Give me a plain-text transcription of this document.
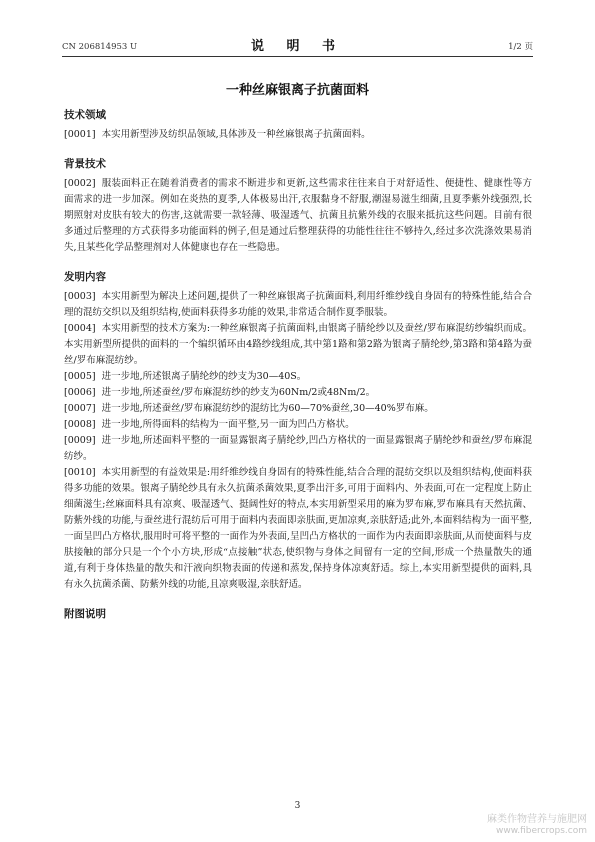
CN 206814953 U	说 明 书	1/2 页
一种丝麻银离子抗菌面料
技术领域

[0001] 本实用新型涉及纺织品领域,具体涉及一种丝麻银离子抗菌面料。

背景技术

[0002] 服装面料正在随着消费者的需求不断进步和更新,这些需求往往来自于对舒适性、便捷性、健康性等方面需求的进一步加深。例如在炎热的夏季,人体极易出汗,衣服黏身不舒服,潮湿易滋生细菌,且夏季紫外线强烈,长期照射对皮肤有较大的伤害,这就需要一款轻薄、吸湿透气、抗菌且抗紫外线的衣服来抵抗这些问题。目前有很多通过后整理的方式获得多功能面料的例子,但是通过后整理获得的功能性往往不够持久,经过多次洗涤效果易消失,且某些化学品整理剂对人体健康也存在一些隐患。

发明内容

[0003] 本实用新型为解决上述问题,提供了一种丝麻银离子抗菌面料,利用纤维纱线自身固有的特殊性能,结合合理的混纺交织以及组织结构,使面料获得多功能的效果,非常适合制作夏季服装。

[0004] 本实用新型的技术方案为:一种丝麻银离子抗菌面料,由银离子腈纶纱以及蚕丝/罗布麻混纺纱编织而成。本实用新型所提供的面料的一个编织循环由4路纱线组成,其中第1路和第2路为银离子腈纶纱,第3路和第4路为蚕丝/罗布麻混纺纱。

[0005] 进一步地,所述银离子腈纶纱的纱支为30—40S。

[0006] 进一步地,所述蚕丝/罗布麻混纺纱的纱支为60Nm/2或48Nm/2。

[0007] 进一步地,所述蚕丝/罗布麻混纺纱的混纺比为60—70%蚕丝,30—40%罗布麻。

[0008] 进一步地,所得面料的结构为一面平整,另一面为凹凸方格状。

[0009] 进一步地,所述面料平整的一面显露银离子腈纶纱,凹凸方格状的一面显露银离子腈纶纱和蚕丝/罗布麻混纺纱。

[0010] 本实用新型的有益效果是:用纤维纱线自身固有的特殊性能,结合合理的混纺交织以及组织结构,使面料获得多功能的效果。银离子腈纶纱具有永久抗菌杀菌效果,夏季出汗多,可用于面料内、外表面,可在一定程度上防止细菌滋生;丝麻面料具有凉爽、吸湿透气、挺阔性好的特点,本实用新型采用的麻为罗布麻,罗布麻具有天然抗菌、防紫外线的功能,与蚕丝进行混纺后可用于面料内表面即亲肤面,更加凉爽,亲肤舒适;此外,本面料结构为一面平整,一面呈凹凸方格状,服用时可将平整的一面作为外表面,呈凹凸方格状的一面作为内表面即亲肤面,从而使面料与皮肤接触的部分只是一个个小方块,形成“点接触”状态,使织物与身体之间留有一定的空间,形成一个热量散失的通道,有利于身体热量的散失和汗液向织物表面的传递和蒸发,保持身体凉爽舒适。综上,本实用新型提供的面料,具有永久抗菌杀菌、防紫外线的功能,且凉爽吸湿,亲肤舒适。

附图说明
3
麻类作物营养与施肥网
www.fibercrops.com
